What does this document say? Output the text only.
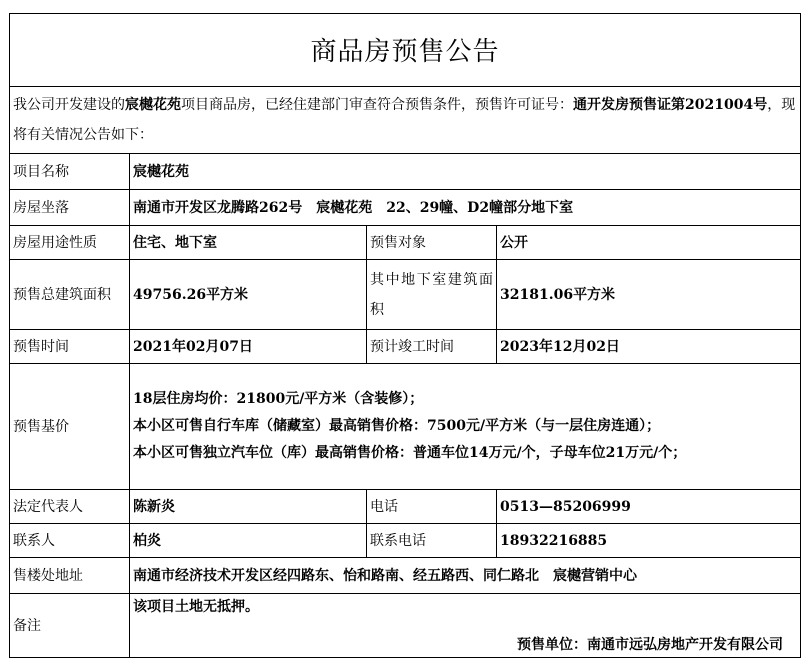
商品房预售公告			
我公司开发建设的宸樾花苑项目商品房，已经住建部门审查符合预售条件，预售许可证号：通开发房预售证第2021004号，现将有关情况公告如下：			
项目名称	宸樾花苑		
房屋坐落	南通市开发区龙腾路262号　宸樾花苑　22、29幢、D2幢部分地下室		
房屋用途性质	住宅、地下室	预售对象	公开
预售总建筑面积	49756.26平方米	其中地下室建筑面积	32181.06平方米
预售时间	2021年02月07日	预计竣工时间	2023年12月02日
预售基价	18层住房均价：21800元/平方米（含装修）；
本小区可售自行车库（储藏室）最高销售价格：7500元/平方米（与一层住房连通）；
本小区可售独立汽车位（库）最高销售价格：普通车位14万元/个，子母车位21万元/个；		

法定代表人	陈新炎	电话	0513—85206999
联系人	柏炎	联系电话	18932216885
售楼处地址	南通市经济技术开发区经四路东、怡和路南、经五路西、同仁路北　宸樾营销中心		
备注	该项目土地无抵押。
预售单位：南通市远弘房地产开发有限公司		
